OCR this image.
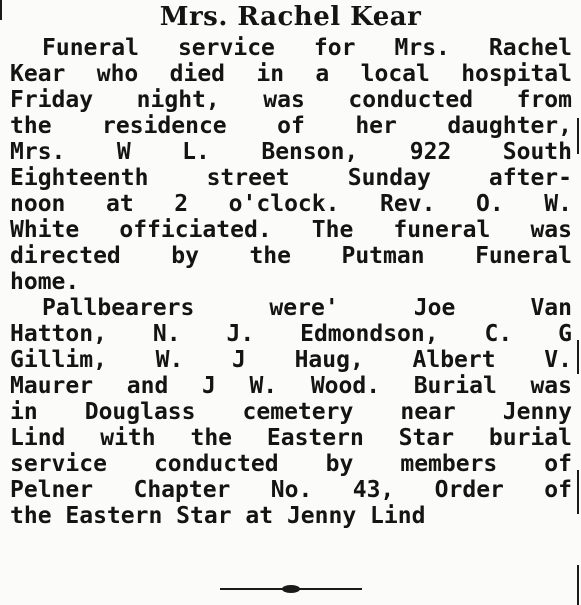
Mrs. Rachel Kear
Funeral service for Mrs. Rachel
Kear who died in a local hospital
Friday night, was conducted from
the residence of her daughter,
Mrs. W L. Benson, 922 South
Eighteenth street Sunday after-
noon at 2 o'clock. Rev. O. W.
White officiated. The funeral was
directed by the Putman Funeral
home.
Pallbearers were' Joe Van
Hatton, N. J. Edmondson, C. G
Gillim, W. J Haug, Albert V.
Maurer and J W. Wood. Burial was
in Douglass cemetery near Jenny
Lind with the Eastern Star burial
service conducted by members of
Pelner Chapter No. 43, Order of
the Eastern Star at Jenny Lind
